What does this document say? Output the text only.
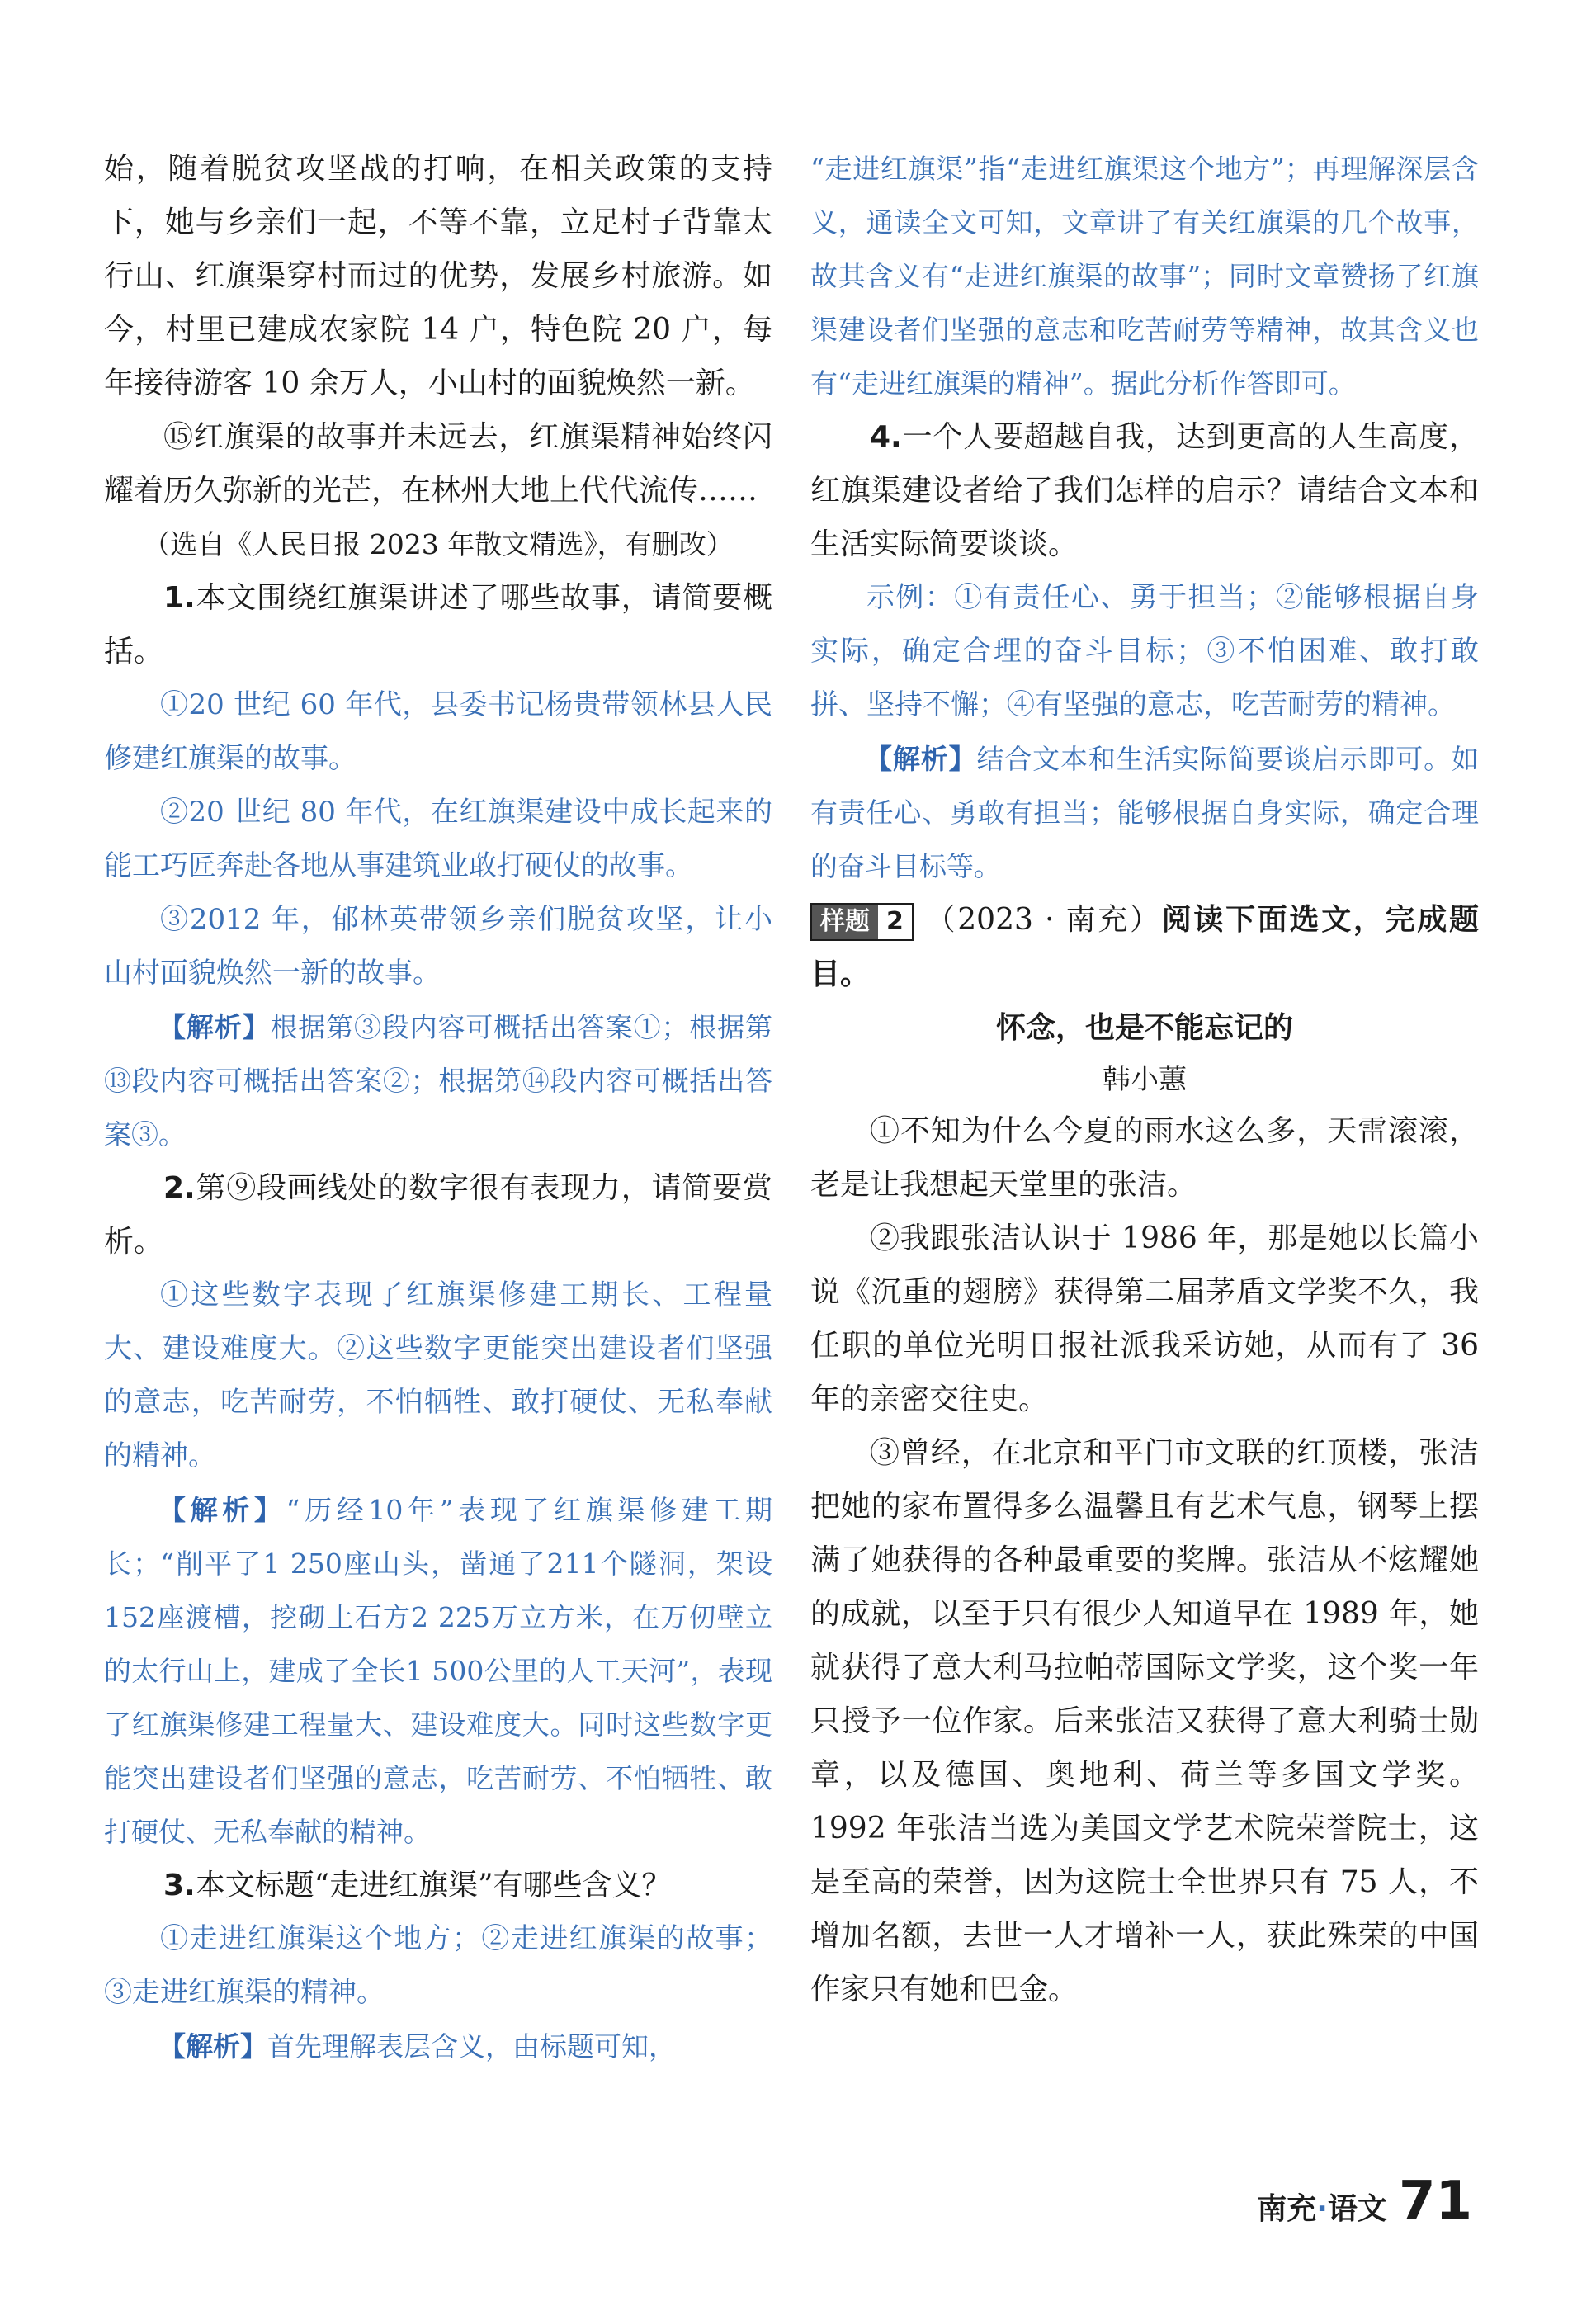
始，随着脱贫攻坚战的打响，在相关政策的支持下，她与乡亲们一起，不等不靠，立足村子背靠太行山、红旗渠穿村而过的优势，发展乡村旅游。如今，村里已建成农家院 14 户，特色院 20 户，每年接待游客 10 余万人，小山村的面貌焕然一新。

⑮红旗渠的故事并未远去，红旗渠精神始终闪耀着历久弥新的光芒，在林州大地上代代流传……

（选自《人民日报 2023 年散文精选》，有删改）

1.本文围绕红旗渠讲述了哪些故事，请简要概括。

①20 世纪 60 年代，县委书记杨贵带领林县人民修建红旗渠的故事。

②20 世纪 80 年代，在红旗渠建设中成长起来的能工巧匠奔赴各地从事建筑业敢打硬仗的故事。

③2012 年，郁林英带领乡亲们脱贫攻坚，让小山村面貌焕然一新的故事。

【解析】根据第③段内容可概括出答案①；根据第⑬段内容可概括出答案②；根据第⑭段内容可概括出答案③。

2.第⑨段画线处的数字很有表现力，请简要赏析。

①这些数字表现了红旗渠修建工期长、工程量大、建设难度大。②这些数字更能突出建设者们坚强的意志，吃苦耐劳，不怕牺牲、敢打硬仗、无私奉献的精神。

【解析】“历经10年”表现了红旗渠修建工期长；“削平了1 250座山头，凿通了211个隧洞，架设152座渡槽，挖砌土石方2 225万立方米，在万仞壁立的太行山上，建成了全长1 500公里的人工天河”，表现了红旗渠修建工程量大、建设难度大。同时这些数字更能突出建设者们坚强的意志，吃苦耐劳、不怕牺牲、敢打硬仗、无私奉献的精神。

3.本文标题“走进红旗渠”有哪些含义？

①走进红旗渠这个地方；②走进红旗渠的故事；③走进红旗渠的精神。

【解析】首先理解表层含义，由标题可知，

“走进红旗渠”指“走进红旗渠这个地方”；再理解深层含义，通读全文可知，文章讲了有关红旗渠的几个故事，故其含义有“走进红旗渠的故事”；同时文章赞扬了红旗渠建设者们坚强的意志和吃苦耐劳等精神，故其含义也有“走进红旗渠的精神”。据此分析作答即可。

4.一个人要超越自我，达到更高的人生高度，红旗渠建设者给了我们怎样的启示？请结合文本和生活实际简要谈谈。

示例：①有责任心、勇于担当；②能够根据自身实际，确定合理的奋斗目标；③不怕困难、敢打敢拼、坚持不懈；④有坚强的意志，吃苦耐劳的精神。

【解析】结合文本和生活实际简要谈启示即可。如有责任心、勇敢有担当；能够根据自身实际，确定合理的奋斗目标等。

样题 2 （2023 · 南充）阅读下面选文，完成题目。

怀念，也是不能忘记的
韩小蕙

①不知为什么今夏的雨水这么多，天雷滚滚，老是让我想起天堂里的张洁。

②我跟张洁认识于 1986 年，那是她以长篇小说《沉重的翅膀》获得第二届茅盾文学奖不久，我任职的单位光明日报社派我采访她，从而有了 36 年的亲密交往史。

③曾经，在北京和平门市文联的红顶楼，张洁把她的家布置得多么温馨且有艺术气息，钢琴上摆满了她获得的各种最重要的奖牌。张洁从不炫耀她的成就，以至于只有很少人知道早在 1989 年，她就获得了意大利马拉帕蒂国际文学奖，这个奖一年只授予一位作家。后来张洁又获得了意大利骑士勋章，以及德国、奥地利、荷兰等多国文学奖。1992 年张洁当选为美国文学艺术院荣誉院士，这是至高的荣誉，因为这院士全世界只有 75 人，不增加名额，去世一人才增补一人，获此殊荣的中国作家只有她和巴金。

南充·语文 71
